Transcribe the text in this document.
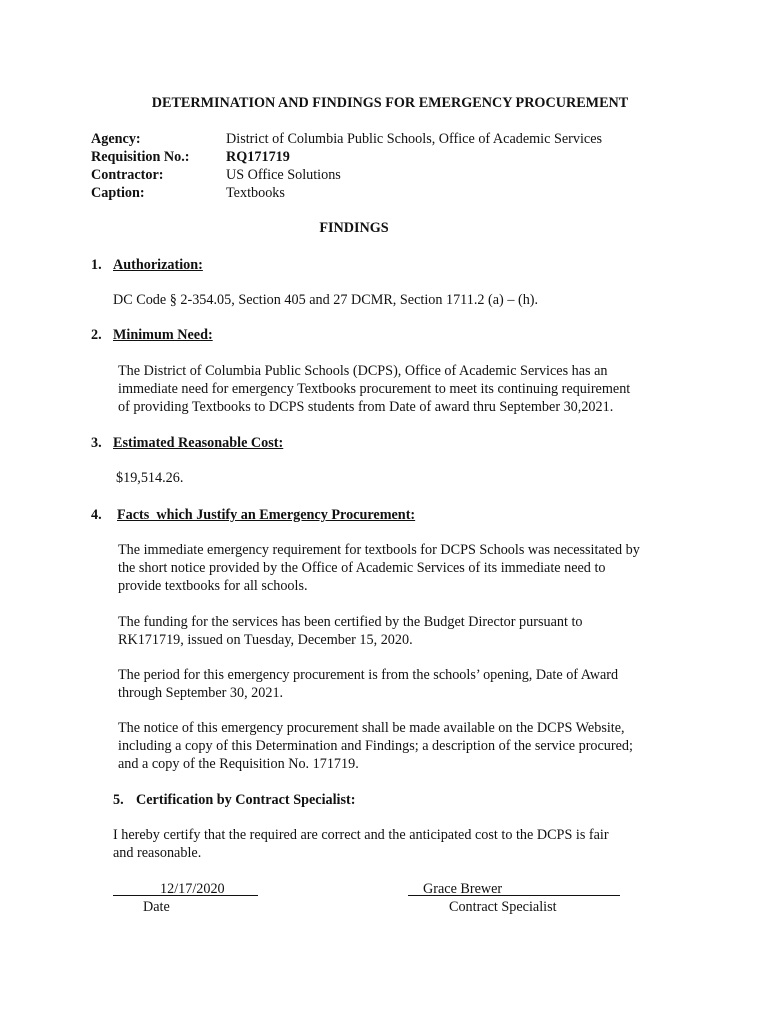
DETERMINATION AND FINDINGS FOR EMERGENCY PROCUREMENT
Agency:	District of Columbia Public Schools, Office of Academic Services
Requisition No.:	RQ171719
Contractor:	US Office Solutions
Caption:	Textbooks
FINDINGS
1. Authorization:
DC Code § 2-354.05, Section 405 and 27 DCMR, Section 1711.2 (a) – (h).
2. Minimum Need:
The District of Columbia Public Schools (DCPS), Office of Academic Services has an
immediate need for emergency Textbooks procurement to meet its continuing requirement
of providing Textbooks to DCPS students from Date of award thru September 30,2021.
3. Estimated Reasonable Cost:
$19,514.26.
4. Facts  which Justify an Emergency Procurement:
The immediate emergency requirement for textbools for DCPS Schools was necessitated by
the short notice provided by the Office of Academic Services of its immediate need to
provide textbooks for all schools.
The funding for the services has been certified by the Budget Director pursuant to
RK171719, issued on Tuesday, December 15, 2020.
The period for this emergency procurement is from the schools’ opening, Date of Award
through September 30, 2021.
The notice of this emergency procurement shall be made available on the DCPS Website,
including a copy of this Determination and Findings; a description of the service procured;
and a copy of the Requisition No. 171719.
5. Certification by Contract Specialist:
I hereby certify that the required are correct and the anticipated cost to the DCPS is fair
and reasonable.
12/17/2020
Date
Grace Brewer
Contract Specialist
